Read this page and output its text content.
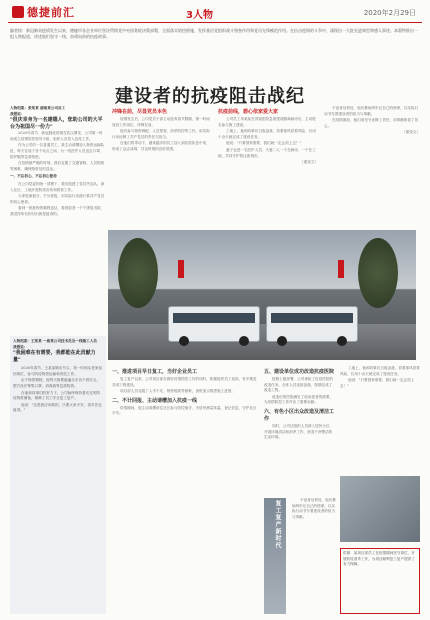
德捷前汇	3人物	2020年2月29日
编者按：新冠肺炎疫情发生以来，德捷市各企业单位坚决贯彻党中央国务院决策部署，全面落实防控措施，发挥基层党组织战斗堡垒作用和党员先锋模范作用。在抗击疫情的斗争中，涌现出一大批先进典型和感人事迹。本版特推出一组人物报道，讲述他们坚守一线、奋勇向前的抗疫故事。
建设者的抗疫阻击战纪
人物档案：张某某 湖南某公司员工
我想说：
"很庆幸身为一名建德人，您助公司的大平台为祖国尽一份力"

2020年春节，新冠肺炎疫情在武汉暴发，公司第一时间成立疫情防控领导小组，组织人员投入抗疫工作。

作为公司的一名普通员工，我主动请缨加入物资运输队伍，每天往返于各个站点之间，为一线医护人员送去口罩、防护服等急需物资。

在疫情最严峻的时刻，我们克服了交通管制、人员短缺等困难，确保物资及时送达。

一、不忘初心，不忘初心使命

在公司党委的统一部署下，我们组建了党员突击队，深入社区、工地开展防疫宣传和排查工作。

大家轮流值守，不分昼夜，用实际行动践行着共产党员的初心使命。

看到一批批物资顺利送达，看到患者一个个康复出院，我觉得所有的付出都是值得的。

冲锋在前，尽显党员本色

疫情发生后，公司党员干部主动放弃春节假期，第一时间返回工作岗位，冲锋在前。

他们参与物资调配、人员排查、消杀防控等工作，用实际行动诠释了共产党员的责任与担当。

在他们的带动下，越来越多的员工加入到抗疫队伍中来，形成了众志成城、共克时艰的良好氛围。

抗疫前线，碧心依家爱大家

公司员工李某某在得知医院急需建设隔离病房后，主动报名参与施工建设。

工地上，他和同事们日夜奋战，顶着寒风冒着风险，仅用十余天就完成了建设任务。

他说："只要国家需要，我们就一定会顶上去！"

妻子也是一名医护人员，夫妻二人一个在病房、一个在工地，共同守护着这座城市。

（建设文）

不论身处何处，他们都始终牢记自己的使命，以实际行动书写着建设者的担当与奉献。

在疫情面前，他们用坚守诠释了责任，用奉献彰显了初心。

（建设文）
人物档案：王某某 一威某公司技术员及一线施工人员
我想说：
"我困难在有需要，我都能在此贡献力量"

2020年春节，王某某响应号召，第一时间从老家返回岗位，参与防疫物资运输和发放工作。

由于物资紧缺，他每天都要跑遍全市各个供应点，想方设法筹集口罩、消毒液等急需物资。

在他和同事们的努力下，公司始终保持着充足的防疫物资储备，保障了员工安全复工复产。

他说："这是我应该做的，只要大家平安，再辛苦也值得。"

一、推进项目早日复工，当好企业员工

复工复产以来，公司项目部在做好疫情防控工作的同时，积极组织员工返岗，有序推进各项工程建设。

项目部人员克服了人手不足、物资短缺等困难，加班加点推进施工进度。

二、不计回报、主动请缨加入抗疫一线

疫情期间，他主动请缨前往社区参与防控值守，为居民测量体温、登记信息，守护社区平安。

五、建设单位成功改造抗疫医院

按照上级部署，公司承担了抗疫医院的改造任务，全体人员连续奋战，按期完成了改造工程。

改造后的医院满足了收治患者的需要，为疫情防控工作作出了重要贡献。

六、有色小区出众改造及清洁工作

同时，公司还组织人员深入居民小区，开展环境清洁和消杀工作，营造干净整洁的生活环境。

复工复产新时代	不论身处何处，他们都始终牢记自己的使命，以实际行动书写着建设者的担当与奉献。

工地上，他和同事们日夜奋战，顶着寒风冒着风险，仅用十余天就完成了建设任务。

他说："只要国家需要，我们就一定会顶上去！"

供图：某项目部员工在疫情期间坚守岗位，开展防疫消杀工作，为项目顺利复工复产提供了有力保障。
